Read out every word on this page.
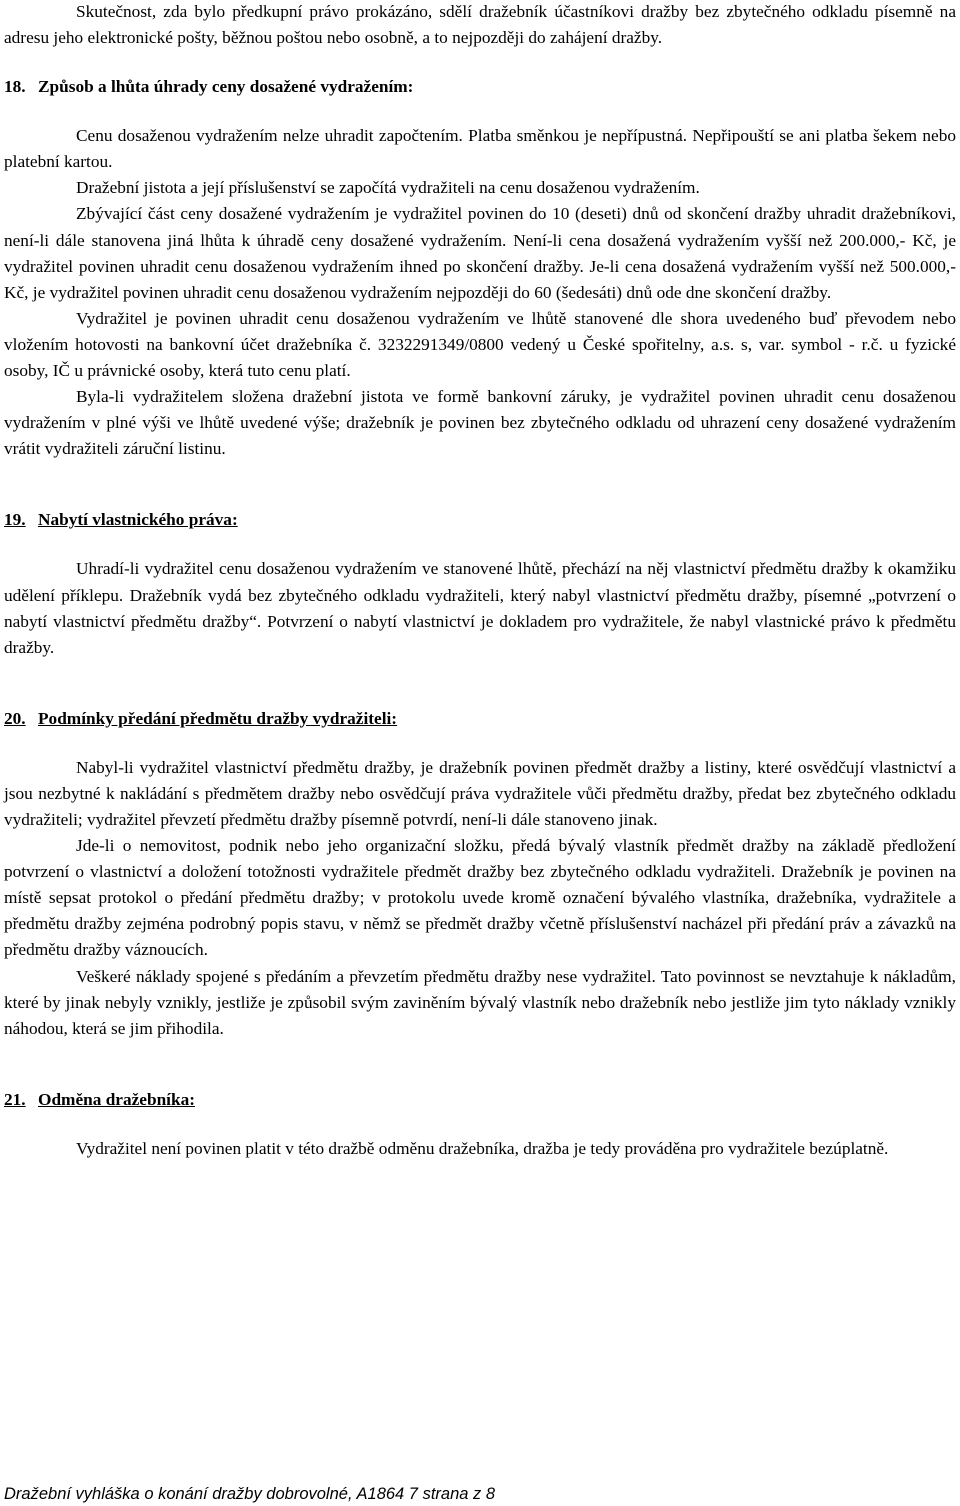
Skutečnost, zda bylo předkupní právo prokázáno, sdělí dražebník účastníkovi dražby bez zbytečného odkladu písemně na adresu jeho elektronické pošty, běžnou poštou nebo osobně, a to nejpozději do zahájení dražby.

18. Způsob a lhůta úhrady ceny dosažené vydražením:

Cenu dosaženou vydražením nelze uhradit započtením. Platba směnkou je nepřípustná. Nepřipouští se ani platba šekem nebo platební kartou.

Dražební jistota a její příslušenství se započítá vydražiteli na cenu dosaženou vydražením.

Zbývající část ceny dosažené vydražením je vydražitel povinen do 10 (deseti) dnů od skončení dražby uhradit dražebníkovi, není-li dále stanovena jiná lhůta k úhradě ceny dosažené vydražením. Není-li cena dosažená vydražením vyšší než 200.000,- Kč, je vydražitel povinen uhradit cenu dosaženou vydražením ihned po skončení dražby. Je-li cena dosažená vydražením vyšší než 500.000,- Kč, je vydražitel povinen uhradit cenu dosaženou vydražením nejpozději do 60 (šedesáti) dnů ode dne skončení dražby.

Vydražitel je povinen uhradit cenu dosaženou vydražením ve lhůtě stanovené dle shora uvedeného buď převodem nebo vložením hotovosti na bankovní účet dražebníka č. 3232291349/0800 vedený u České spořitelny, a.s. s, var. symbol - r.č. u fyzické osoby, IČ u právnické osoby, která tuto cenu platí.

Byla-li vydražitelem složena dražební jistota ve formě bankovní záruky, je vydražitel povinen uhradit cenu dosaženou vydražením v plné výši ve lhůtě uvedené výše; dražebník je povinen bez zbytečného odkladu od uhrazení ceny dosažené vydražením vrátit vydražiteli záruční listinu.

19. Nabytí vlastnického práva:

Uhradí-li vydražitel cenu dosaženou vydražením ve stanovené lhůtě, přechází na něj vlastnictví předmětu dražby k okamžiku udělení příklepu. Dražebník vydá bez zbytečného odkladu vydražiteli, který nabyl vlastnictví předmětu dražby, písemné „potvrzení o nabytí vlastnictví předmětu dražby“. Potvrzení o nabytí vlastnictví je dokladem pro vydražitele, že nabyl vlastnické právo k předmětu dražby.

20. Podmínky předání předmětu dražby vydražiteli:

Nabyl-li vydražitel vlastnictví předmětu dražby, je dražebník povinen předmět dražby a listiny, které osvědčují vlastnictví a jsou nezbytné k nakládání s předmětem dražby nebo osvědčují práva vydražitele vůči předmětu dražby, předat bez zbytečného odkladu vydražiteli; vydražitel převzetí předmětu dražby písemně potvrdí, není-li dále stanoveno jinak.

Jde-li o nemovitost, podnik nebo jeho organizační složku, předá bývalý vlastník předmět dražby na základě předložení potvrzení o vlastnictví a doložení totožnosti vydražitele předmět dražby bez zbytečného odkladu vydražiteli. Dražebník je povinen na místě sepsat protokol o předání předmětu dražby; v protokolu uvede kromě označení bývalého vlastníka, dražebníka, vydražitele a předmětu dražby zejména podrobný popis stavu, v němž se předmět dražby včetně příslušenství nacházel při předání práv a závazků na předmětu dražby váznoucích.

Veškeré náklady spojené s předáním a převzetím předmětu dražby nese vydražitel. Tato povinnost se nevztahuje k nákladům, které by jinak nebyly vznikly, jestliže je způsobil svým zaviněním bývalý vlastník nebo dražebník nebo jestliže jim tyto náklady vznikly náhodou, která se jim přihodila.

21. Odměna dražebníka:

Vydražitel není povinen platit v této dražbě odměnu dražebníka, dražba je tedy prováděna pro vydražitele bezúplatně.

Dražební vyhláška o konání dražby dobrovolné, A1864 7 strana z 8
